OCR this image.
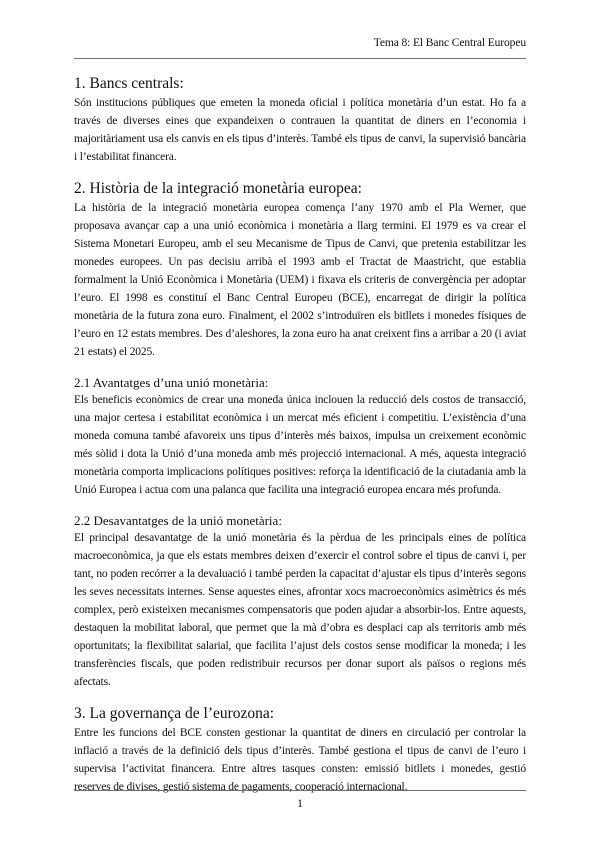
Tema 8: El Banc Central Europeu
1. Bancs centrals:

Són institucions públiques que emeten la moneda oficial i política monetària d’un estat. Ho fa a través de diverses eines que expandeixen o contrauen la quantitat de diners en l’economia i majoritàriament usa els canvis en els tipus d’interès. També els tipus de canvi, la supervisió bancària i l’estabilitat financera.

2. Història de la integració monetària europea:

La història de la integració monetària europea comença l’any 1970 amb el Pla Werner, que proposava avançar cap a una unió econòmica i monetària a llarg termini. El 1979 es va crear el Sistema Monetari Europeu, amb el seu Mecanisme de Tipus de Canvi, que pretenia estabilitzar les monedes europees. Un pas decisiu arribà el 1993 amb el Tractat de Maastricht, que establia formalment la Unió Econòmica i Monetària (UEM) i fixava els criteris de convergència per adoptar l’euro. El 1998 es constituí el Banc Central Europeu (BCE), encarregat de dirigir la política monetària de la futura zona euro. Finalment, el 2002 s’introduïren els bitllets i monedes físiques de l’euro en 12 estats membres. Des d’aleshores, la zona euro ha anat creixent fins a arribar a 20 (i aviat 21 estats) el 2025.

2.1 Avantatges d’una unió monetària:

Els beneficis econòmics de crear una moneda única inclouen la reducció dels costos de transacció, una major certesa i estabilitat econòmica i un mercat més eficient i competitiu. L’existència d’una moneda comuna també afavoreix uns tipus d’interès més baixos, impulsa un creixement econòmic més sòlid i dota la Unió d’una moneda amb més projecció internacional. A més, aquesta integració monetària comporta implicacions polítiques positives: reforça la identificació de la ciutadania amb la Unió Europea i actua com una palanca que facilita una integració europea encara més profunda.

2.2 Desavantatges de la unió monetària:

El principal desavantatge de la unió monetària és la pèrdua de les principals eines de política macroeconòmica, ja que els estats membres deixen d’exercir el control sobre el tipus de canvi i, per tant, no poden recórrer a la devaluació i també perden la capacitat d’ajustar els tipus d’interès segons les seves necessitats internes. Sense aquestes eines, afrontar xocs macroeconòmics asimètrics és més complex, però existeixen mecanismes compensatoris que poden ajudar a absorbir-los. Entre aquests, destaquen la mobilitat laboral, que permet que la mà d’obra es desplaci cap als territoris amb més oportunitats; la flexibilitat salarial, que facilita l’ajust dels costos sense modificar la moneda; i les transferències fiscals, que poden redistribuir recursos per donar suport als països o regions més afectats.

3. La governança de l’eurozona:

Entre les funcions del BCE consten gestionar la quantitat de diners en circulació per controlar la inflació a través de la definició dels tipus d’interès. També gestiona el tipus de canvi de l’euro i supervisa l’activitat financera. Entre altres tasques consten: emissió bitllets i monedes, gestió reserves de divises, gestió sistema de pagaments, cooperació internacional.

1
